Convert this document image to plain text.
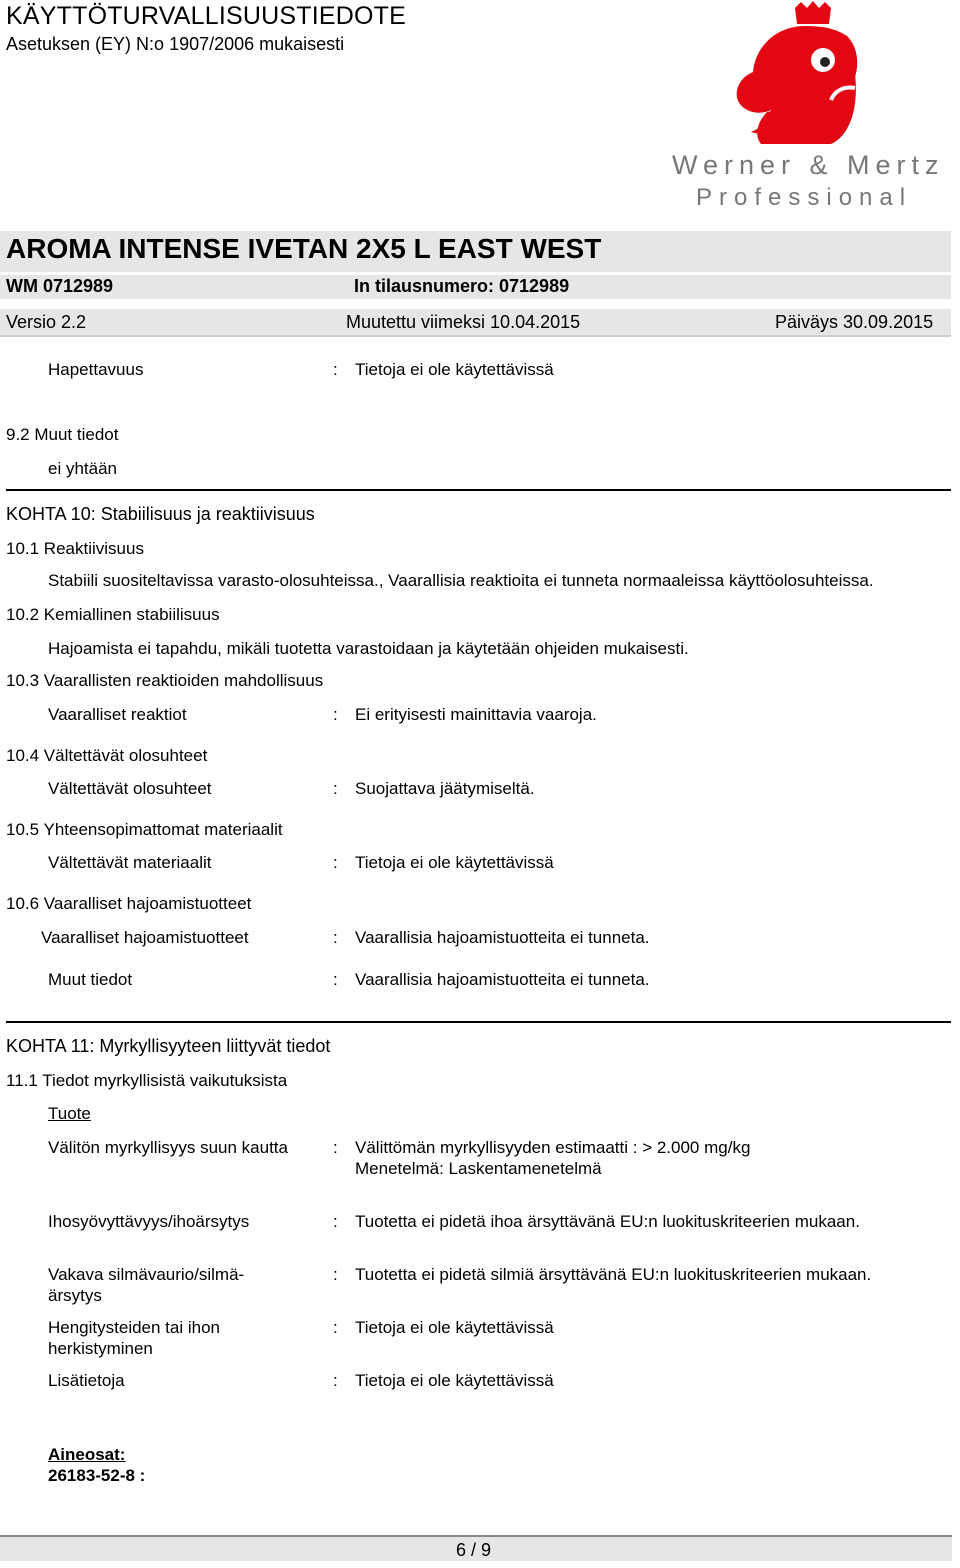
KÄYTTÖTURVALLISUUSTIEDOTE
Asetuksen (EY) N:o 1907/2006 mukaisesti
Werner & Mertz
Professional
AROMA INTENSE IVETAN 2X5 L EAST WEST
WM 0712989	In tilausnumero: 0712989
Versio 2.2	Muutettu viimeksi 10.04.2015	Päiväys 30.09.2015
Hapettavuus	: Tietoja ei ole käytettävissä
9.2 Muut tiedot
ei yhtään
KOHTA 10: Stabiilisuus ja reaktiivisuus
10.1 Reaktiivisuus
Stabiili suositeltavissa varasto-olosuhteissa., Vaarallisia reaktioita ei tunneta normaaleissa käyttöolosuhteissa.
10.2 Kemiallinen stabiilisuus
Hajoamista ei tapahdu, mikäli tuotetta varastoidaan ja käytetään ohjeiden mukaisesti.
10.3 Vaarallisten reaktioiden mahdollisuus
Vaaralliset reaktiot	: Ei erityisesti mainittavia vaaroja.
10.4 Vältettävät olosuhteet
Vältettävät olosuhteet	: Suojattava jäätymiseltä.
10.5 Yhteensopimattomat materiaalit
Vältettävät materiaalit	: Tietoja ei ole käytettävissä
10.6 Vaaralliset hajoamistuotteet
Vaaralliset hajoamistuotteet	: Vaarallisia hajoamistuotteita ei tunneta.
Muut tiedot	: Vaarallisia hajoamistuotteita ei tunneta.
KOHTA 11: Myrkyllisyyteen liittyvät tiedot
11.1 Tiedot myrkyllisistä vaikutuksista
Tuote
Välitön myrkyllisyys suun kautta	: Välittömän myrkyllisyyden estimaatti : > 2.000 mg/kg
Menetelmä: Laskentamenetelmä
Ihosyövyttävyys/ihoärsytys	: Tuotetta ei pidetä ihoa ärsyttävänä EU:n luokituskriteerien mukaan.
Vakava silmävaurio/silmä-
ärsytys
: Tuotetta ei pidetä silmiä ärsyttävänä EU:n luokituskriteerien mukaan.
Hengitysteiden tai ihon
herkistyminen
: Tietoja ei ole käytettävissä
Lisätietoja	: Tietoja ei ole käytettävissä
Aineosat:
26183-52-8 :
6 / 9
